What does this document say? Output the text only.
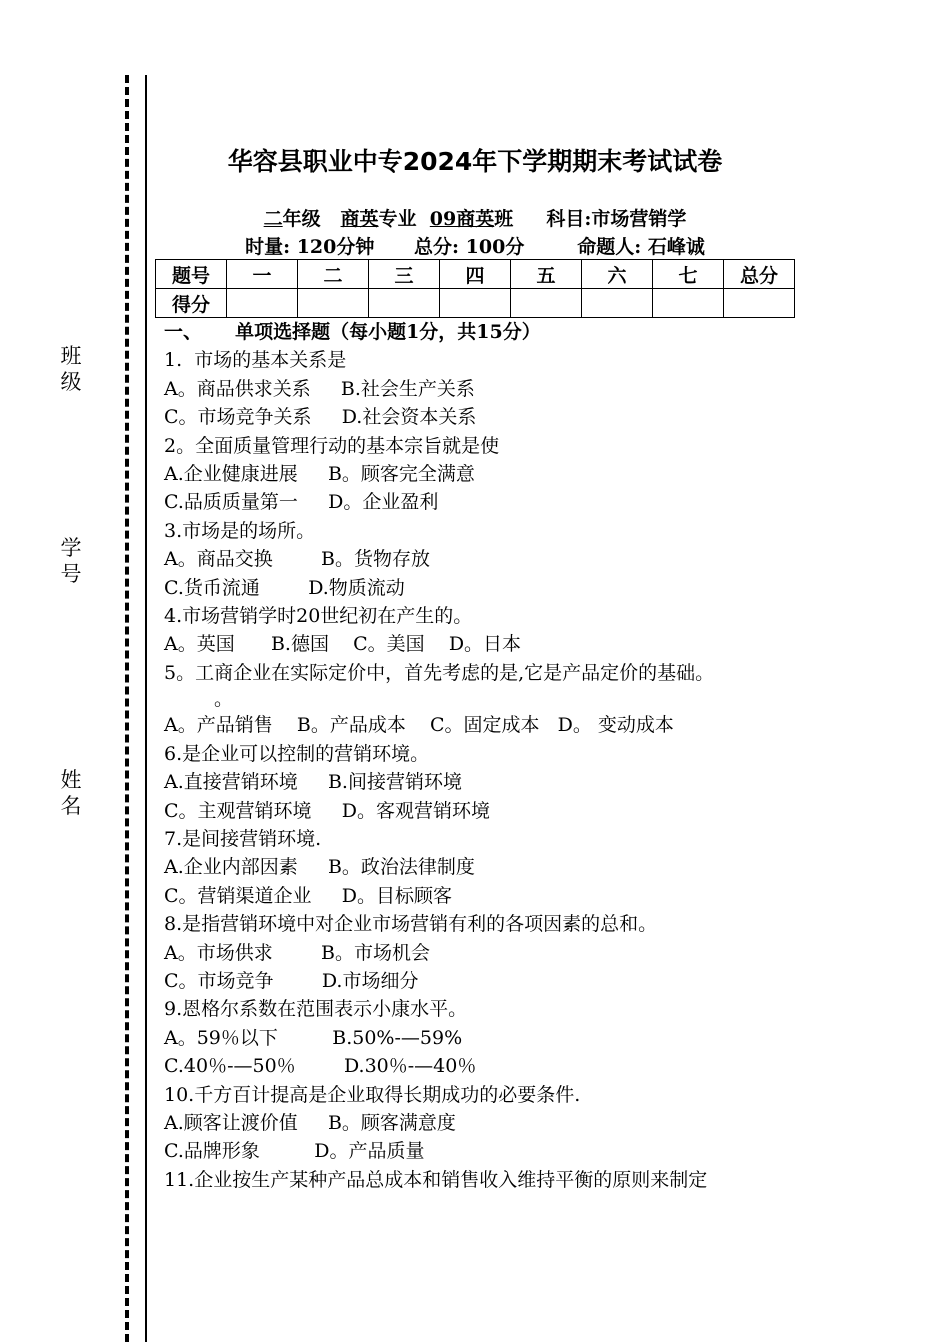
班级
学号
姓名
华容县职业中专2024年下学期期末考试试卷
二年级 商英专业 09商英班 科目:市场营销学
时量: 120分钟      总分: 100分        命题人: 石峰诚
题号	一	二	三	四	五	六	七	总分
得分								
一、     单项选择题（每小题1分，共15分）
1.  市场的基本关系是
A。商品供求关系     B.社会生产关系
C。市场竞争关系     D.社会资本关系
2。全面质量管理行动的基本宗旨就是使
A.企业健康进展     B。顾客完全满意
C.品质质量第一     D。企业盈利
3.市场是的场所。
A。商品交换        B。货物存放
C.货币流通        D.物质流动
4.市场营销学时20世纪初在产生的。
A。英国      B.德国    C。美国    D。日本
5。工商企业在实际定价中，首先考虑的是,它是产品定价的基础。
。
A。产品销售    B。产品成本    C。固定成本   D。 变动成本
6.是企业可以控制的营销环境。
A.直接营销环境     B.间接营销环境
C。主观营销环境     D。客观营销环境
7.是间接营销环境.
A.企业内部因素     B。政治法律制度
C。营销渠道企业     D。目标顾客
8.是指营销环境中对企业市场营销有利的各项因素的总和。
A。市场供求        B。市场机会
C。市场竞争        D.市场细分
9.恩格尔系数在范围表示小康水平。
A。59％以下         B.50%-—59%
C.40％-—50％        D.30％-—40％
10.千方百计提高是企业取得长期成功的必要条件.
A.顾客让渡价值     B。顾客满意度
C.品牌形象         D。产品质量
11.企业按生产某种产品总成本和销售收入维持平衡的原则来制定
